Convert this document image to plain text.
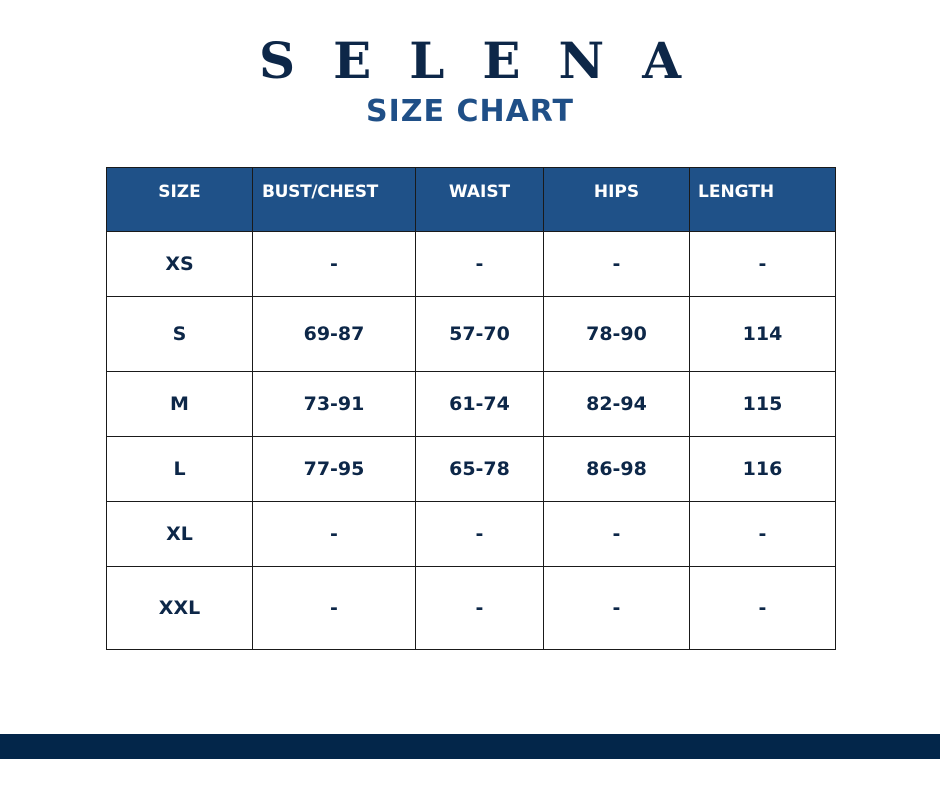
SELENA
SIZE CHART
SIZE	BUST/CHEST	WAIST	HIPS	LENGTH
XS	-	-	-	-
S	69-87	57-70	78-90	114
M	73-91	61-74	82-94	115
L	77-95	65-78	86-98	116
XL	-	-	-	-
XXL	-	-	-	-
